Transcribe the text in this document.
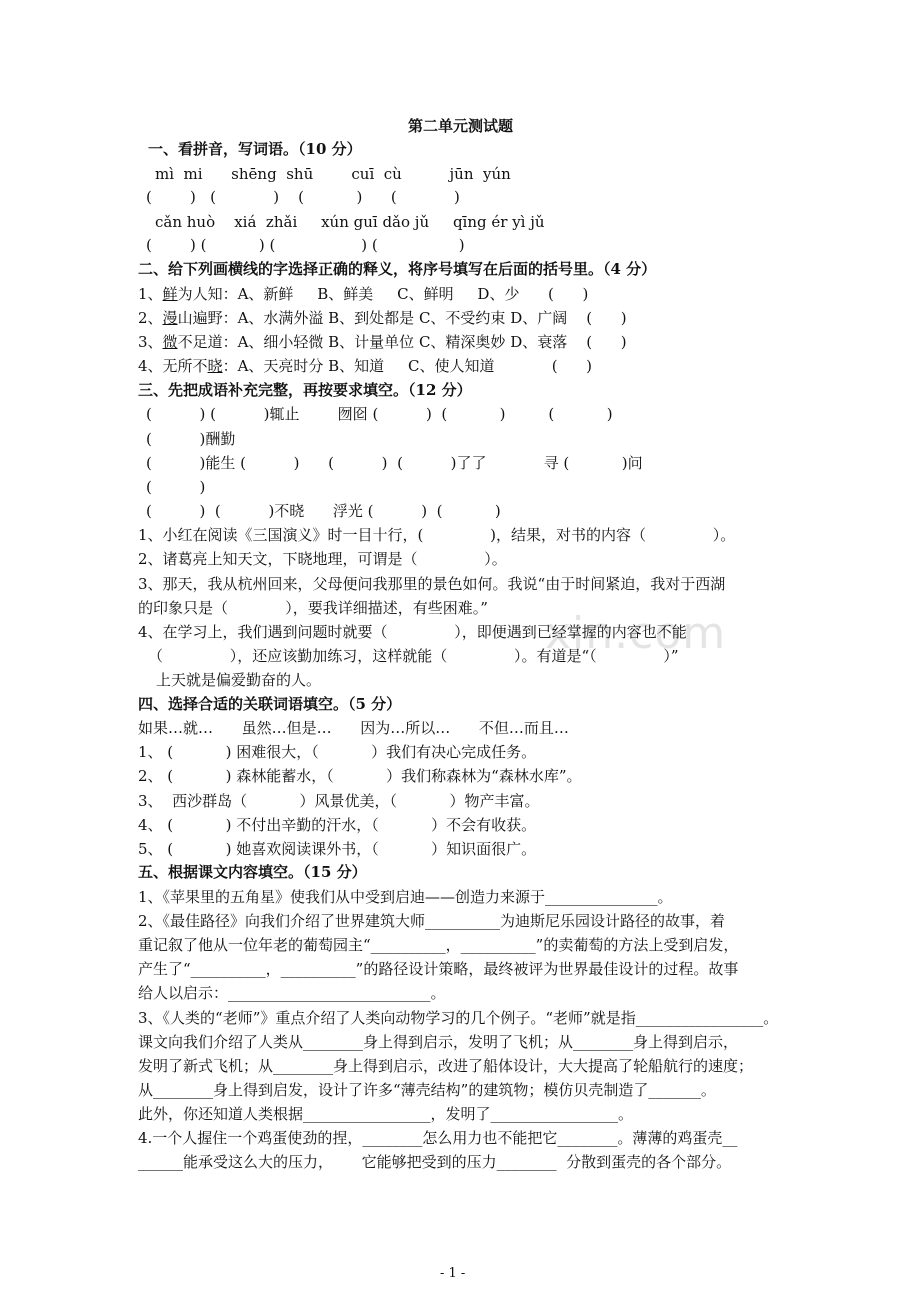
xin.com
第二单元测试题
一、看拼音，写词语。（10 分）
mì  mi      shēng  shū        cuī  cù          jūn  yún
(        )   (            )    (           )      (            )
cǎn huò    xiá  zhǎi     xún guī dǎo jǔ     qīng ér yì jǔ
(        ) (           ) (                  ) (                 )
二、给下列画横线的字选择正确的释义，将序号填写在后面的括号里。（4 分）
1、鲜为人知：A、新鲜     B、鲜美     C、鲜明     D、少      (      )
2、漫山遍野：A、水满外溢 B、到处都是 C、不受约束 D、广阔    (      )
3、微不足道：A、细小轻微 B、计量单位 C、精深奥妙 D、衰落    (      )
4、无所不晓：A、天亮时分 B、知道     C、使人知道            (      )
三、先把成语补充完整，再按要求填空。（12 分）
(          ) (          )辄止        囫囵 (          )  (           )         (           )
(          )酬勤
(          )能生 (          )      (          )  (          )了了            寻 (           )问
(          )
(          )  (          )不晓      浮光 (          )  (           )
1、小红在阅读《三国演义》时一目十行，(              )，结果，对书的内容（              ）。
2、诸葛亮上知天文，下晓地理，可谓是（              ）。
3、那天，我从杭州回来，父母便问我那里的景色如何。我说“由于时间紧迫，我对于西湖
的印象只是（            ），要我详细描述，有些困难。”
4、在学习上，我们遇到问题时就要（              ），即便遇到已经掌握的内容也不能
（              ），还应该勤加练习，这样就能（              ）。有道是“（              ）”
上天就是偏爱勤奋的人。
四、选择合适的关联词语填空。（5 分）
如果…就…      虽然…但是…      因为…所以…      不但…而且…
1、 (           ) 困难很大，（           ）我们有决心完成任务。
2、 (           ) 森林能蓄水，（           ）我们称森林为“森林水库”。
3、  西沙群岛（           ）风景优美，（           ）物产丰富。
4、 (           ) 不付出辛勤的汗水，（           ）不会有收获。
5、 (           ) 她喜欢阅读课外书，（           ）知识面很广。
五、根据课文内容填空。（15 分）
1、《苹果里的五角星》使我们从中受到启迪——创造力来源于_______________。
2、《最佳路径》向我们介绍了世界建筑大师__________为迪斯尼乐园设计路径的故事，着
重记叙了他从一位年老的葡萄园主“__________，__________”的卖葡萄的方法上受到启发，
产生了“__________，__________”的路径设计策略，最终被评为世界最佳设计的过程。故事
给人以启示：___________________________。
3、《人类的“老师”》重点介绍了人类向动物学习的几个例子。“老师”就是指_________________。
课文向我们介绍了人类从________身上得到启示，发明了飞机；从________身上得到启示，
发明了新式飞机；从________身上得到启示，改进了船体设计，大大提高了轮船航行的速度；
从________身上得到启发，设计了许多“薄壳结构”的建筑物；模仿贝壳制造了_______。
此外，你还知道人类根据_________________，发明了_________________。
4.一个人握住一个鸡蛋使劲的捏，________怎么用力也不能把它________。薄薄的鸡蛋壳__
______能承受这么大的压力，      它能够把受到的压力________  分散到蛋壳的各个部分。
- 1 -
